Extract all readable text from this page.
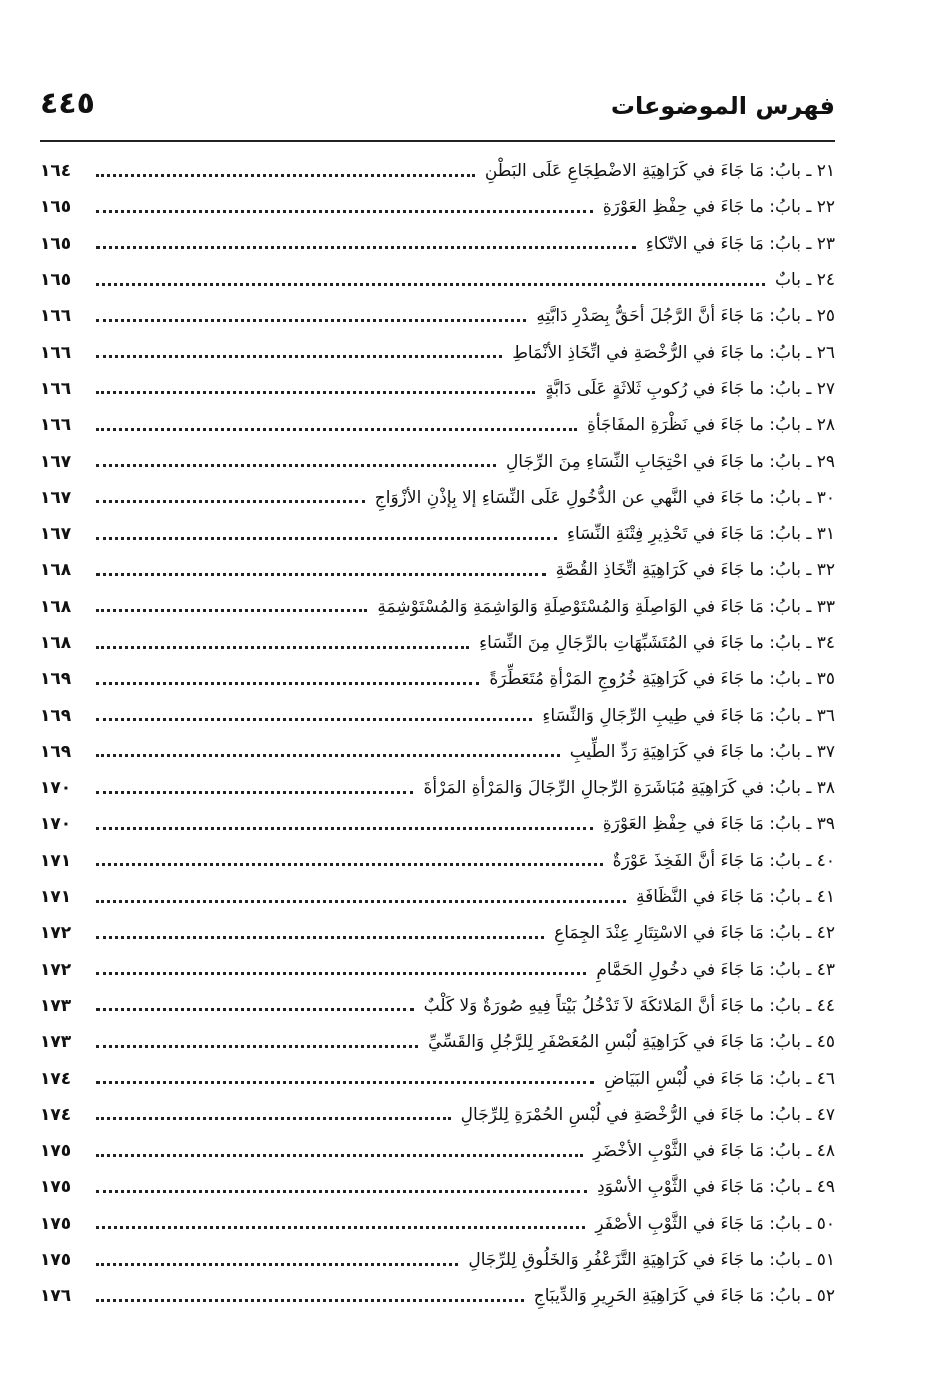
٤٤٥	فهرس الموضوعات
٢١ ـ بابُ: مَا جَاءَ في كَرَاهِيَةِ الاضْطِجَاعِ عَلَى البَطْنِ
١٦٤
٢٢ ـ بابُ: ما جَاءَ في حِفْظِ العَوْرَةِ
١٦٥
٢٣ ـ بابُ: مَا جَاءَ في الاتّكاءِ
١٦٥
٢٤ ـ بابٌ
١٦٥
٢٥ ـ بابُ: مَا جَاءَ أنَّ الرَّجُلَ أحَقُّ بِصَدْرِ دَابَّتِهِ
١٦٦
٢٦ ـ بابُ: ما جَاءَ في الرُّخْصَةِ في اتِّخَاذِ الأنْمَاطِ
١٦٦
٢٧ ـ بابُ: ما جَاءَ في رُكوبِ ثَلاثَةٍ عَلَى دَابَّةٍ
١٦٦
٢٨ ـ بابُ: ما جَاءَ في نَظْرَةِ المفَاجَأةِ
١٦٦
٢٩ ـ بابُ: ما جَاءَ في احْتِجَابِ النِّسَاءِ مِنَ الرِّجَالِ
١٦٧
٣٠ ـ بابُ: ما جَاءَ في النَّهي عن الدُّخُولِ عَلَى النِّسَاءِ إلا بِإذْنِ الأزْوَاجِ
١٦٧
٣١ ـ بابُ: مَا جَاءَ في تَحْذِيرِ فِتْنَةِ النِّسَاءِ
١٦٧
٣٢ ـ بابُ: ما جَاءَ في كَرَاهِيَةِ اتِّخَاذِ القُصَّةِ
١٦٨
٣٣ ـ بابُ: مَا جَاءَ في الوَاصِلَةِ وَالمُسْتَوْصِلَةِ وَالوَاشِمَةِ وَالمُسْتَوْشِمَةِ
١٦٨
٣٤ ـ بابُ: ما جَاءَ في المُتَشَبِّهَاتِ بالرِّجَالِ مِنَ النِّسَاءِ
١٦٨
٣٥ ـ بابُ: ما جَاءَ في كَرَاهِيَةِ خُرُوجِ المَرْأةِ مُتَعَطِّرَةً
١٦٩
٣٦ ـ بابُ: مَا جَاءَ في طِيبِ الرِّجَالِ وَالنِّسَاءِ
١٦٩
٣٧ ـ بابُ: ما جَاءَ في كَرَاهِيَةِ رَدِّ الطِّيبِ
١٦٩
٣٨ ـ بابُ: في كَرَاهِيَةِ مُبَاشَرَةِ الرِّجالِ الرِّجَالَ وَالمَرْأةِ المَرْأةَ
١٧٠
٣٩ ـ بابُ: مَا جَاءَ في حِفْظِ العَوْرَةِ
١٧٠
٤٠ ـ بابُ: مَا جَاءَ أنَّ الفَخِذَ عَوْرَةٌ
١٧١
٤١ ـ بابُ: مَا جَاءَ في النَّظَافَةِ
١٧١
٤٢ ـ بابُ: مَا جَاءَ في الاسْتِتَارِ عِنْدَ الجِمَاعِ
١٧٢
٤٣ ـ بابُ: مَا جَاءَ في دخُولِ الحَمَّامِ
١٧٢
٤٤ ـ بابُ: ما جَاءَ أنَّ المَلائكَةَ لاَ تَدْخُلُ بَيْتاً فِيهِ صُورَةٌ وَلا كَلْبٌ
١٧٣
٤٥ ـ بابُ: مَا جَاءَ في كَرَاهِيَةِ لُبْسِ المُعَصْفَرِ لِلرَّجُلِ وَالقَسِّيِّ
١٧٣
٤٦ ـ بابُ: مَا جَاءَ في لُبْسِ البَيَاضِ
١٧٤
٤٧ ـ بابُ: ما جَاءَ في الرُّخْصَةِ في لُبْسِ الحُمْرَةِ لِلرِّجَالِ
١٧٤
٤٨ ـ بابُ: مَا جَاءَ في الثَّوْبِ الأخْضَرِ
١٧٥
٤٩ ـ بابُ: مَا جَاءَ في الثَّوْبِ الأسْوَدِ
١٧٥
٥٠ ـ بابُ: مَا جَاءَ في الثَّوْبِ الأصْفَرِ
١٧٥
٥١ ـ بابُ: ما جَاءَ في كَرَاهِيَةِ التَّزَعْفُرِ وَالخَلُوقِ لِلرِّجَالِ
١٧٥
٥٢ ـ بابُ: مَا جَاءَ في كَرَاهِيَةِ الحَرِيرِ وَالدِّيبَاجِ
١٧٦
